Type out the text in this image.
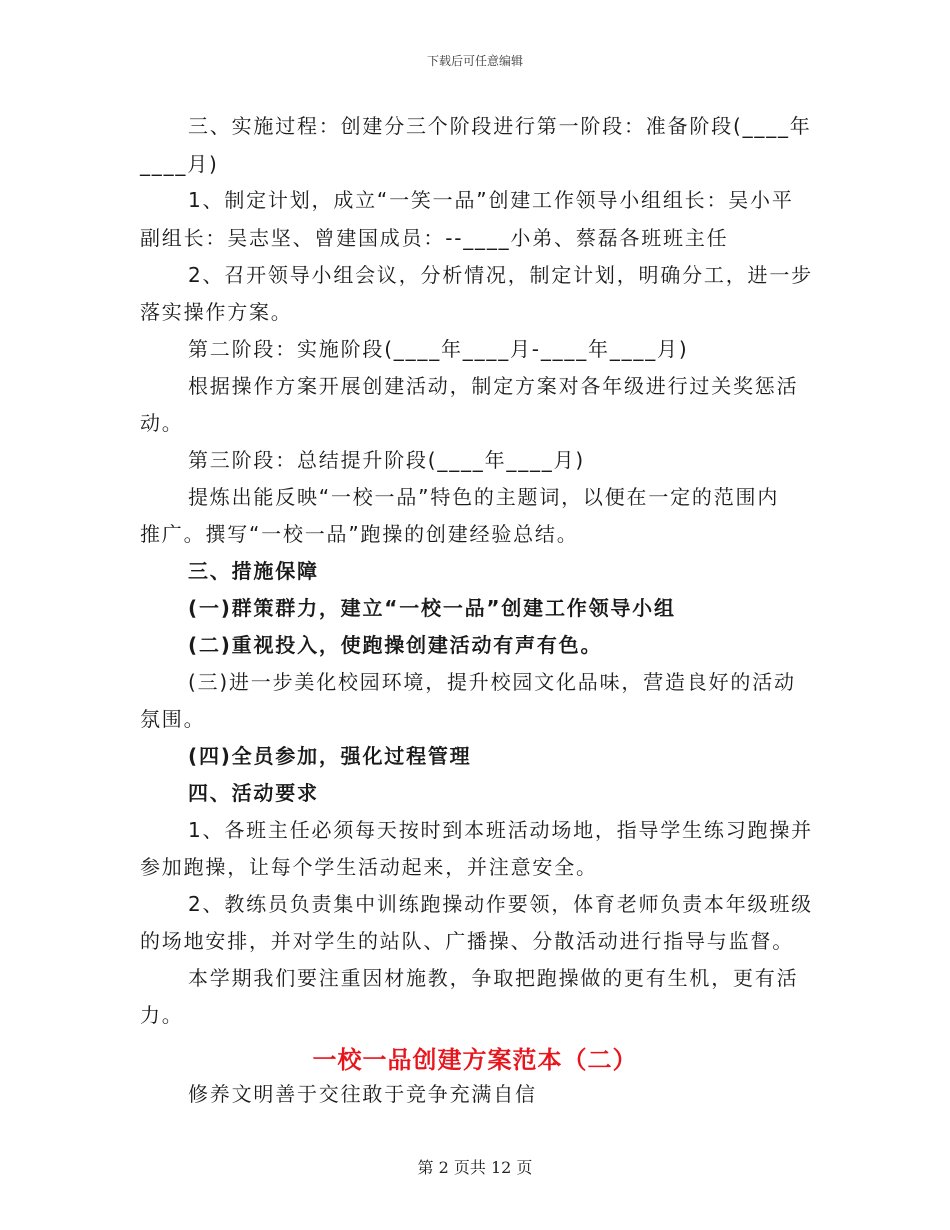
下载后可任意编辑
三、实施过程：创建分三个阶段进行第一阶段：准备阶段(____年
____月)
1、制定计划，成立“一笑一品”创建工作领导小组组长：吴小平
副组长：吴志坚、曾建国成员：--____小弟、蔡磊各班班主任
2、召开领导小组会议，分析情况，制定计划，明确分工，进一步
落实操作方案。
第二阶段：实施阶段(____年____月-____年____月)
根据操作方案开展创建活动，制定方案对各年级进行过关奖惩活
动。
第三阶段：总结提升阶段(____年____月)
提炼出能反映“一校一品”特色的主题词，以便在一定的范围内
推广。撰写“一校一品”跑操的创建经验总结。
三、措施保障
(一)群策群力，建立“一校一品”创建工作领导小组
(二)重视投入，使跑操创建活动有声有色。
(三)进一步美化校园环境，提升校园文化品味，营造良好的活动
氛围。
(四)全员参加，强化过程管理
四、活动要求
1、各班主任必须每天按时到本班活动场地，指导学生练习跑操并
参加跑操，让每个学生活动起来，并注意安全。
2、教练员负责集中训练跑操动作要领，体育老师负责本年级班级
的场地安排，并对学生的站队、广播操、分散活动进行指导与监督。
本学期我们要注重因材施教，争取把跑操做的更有生机，更有活
力。
修养文明善于交往敢于竞争充满自信
一校一品创建方案范本（二）
第 2 页共 12 页
